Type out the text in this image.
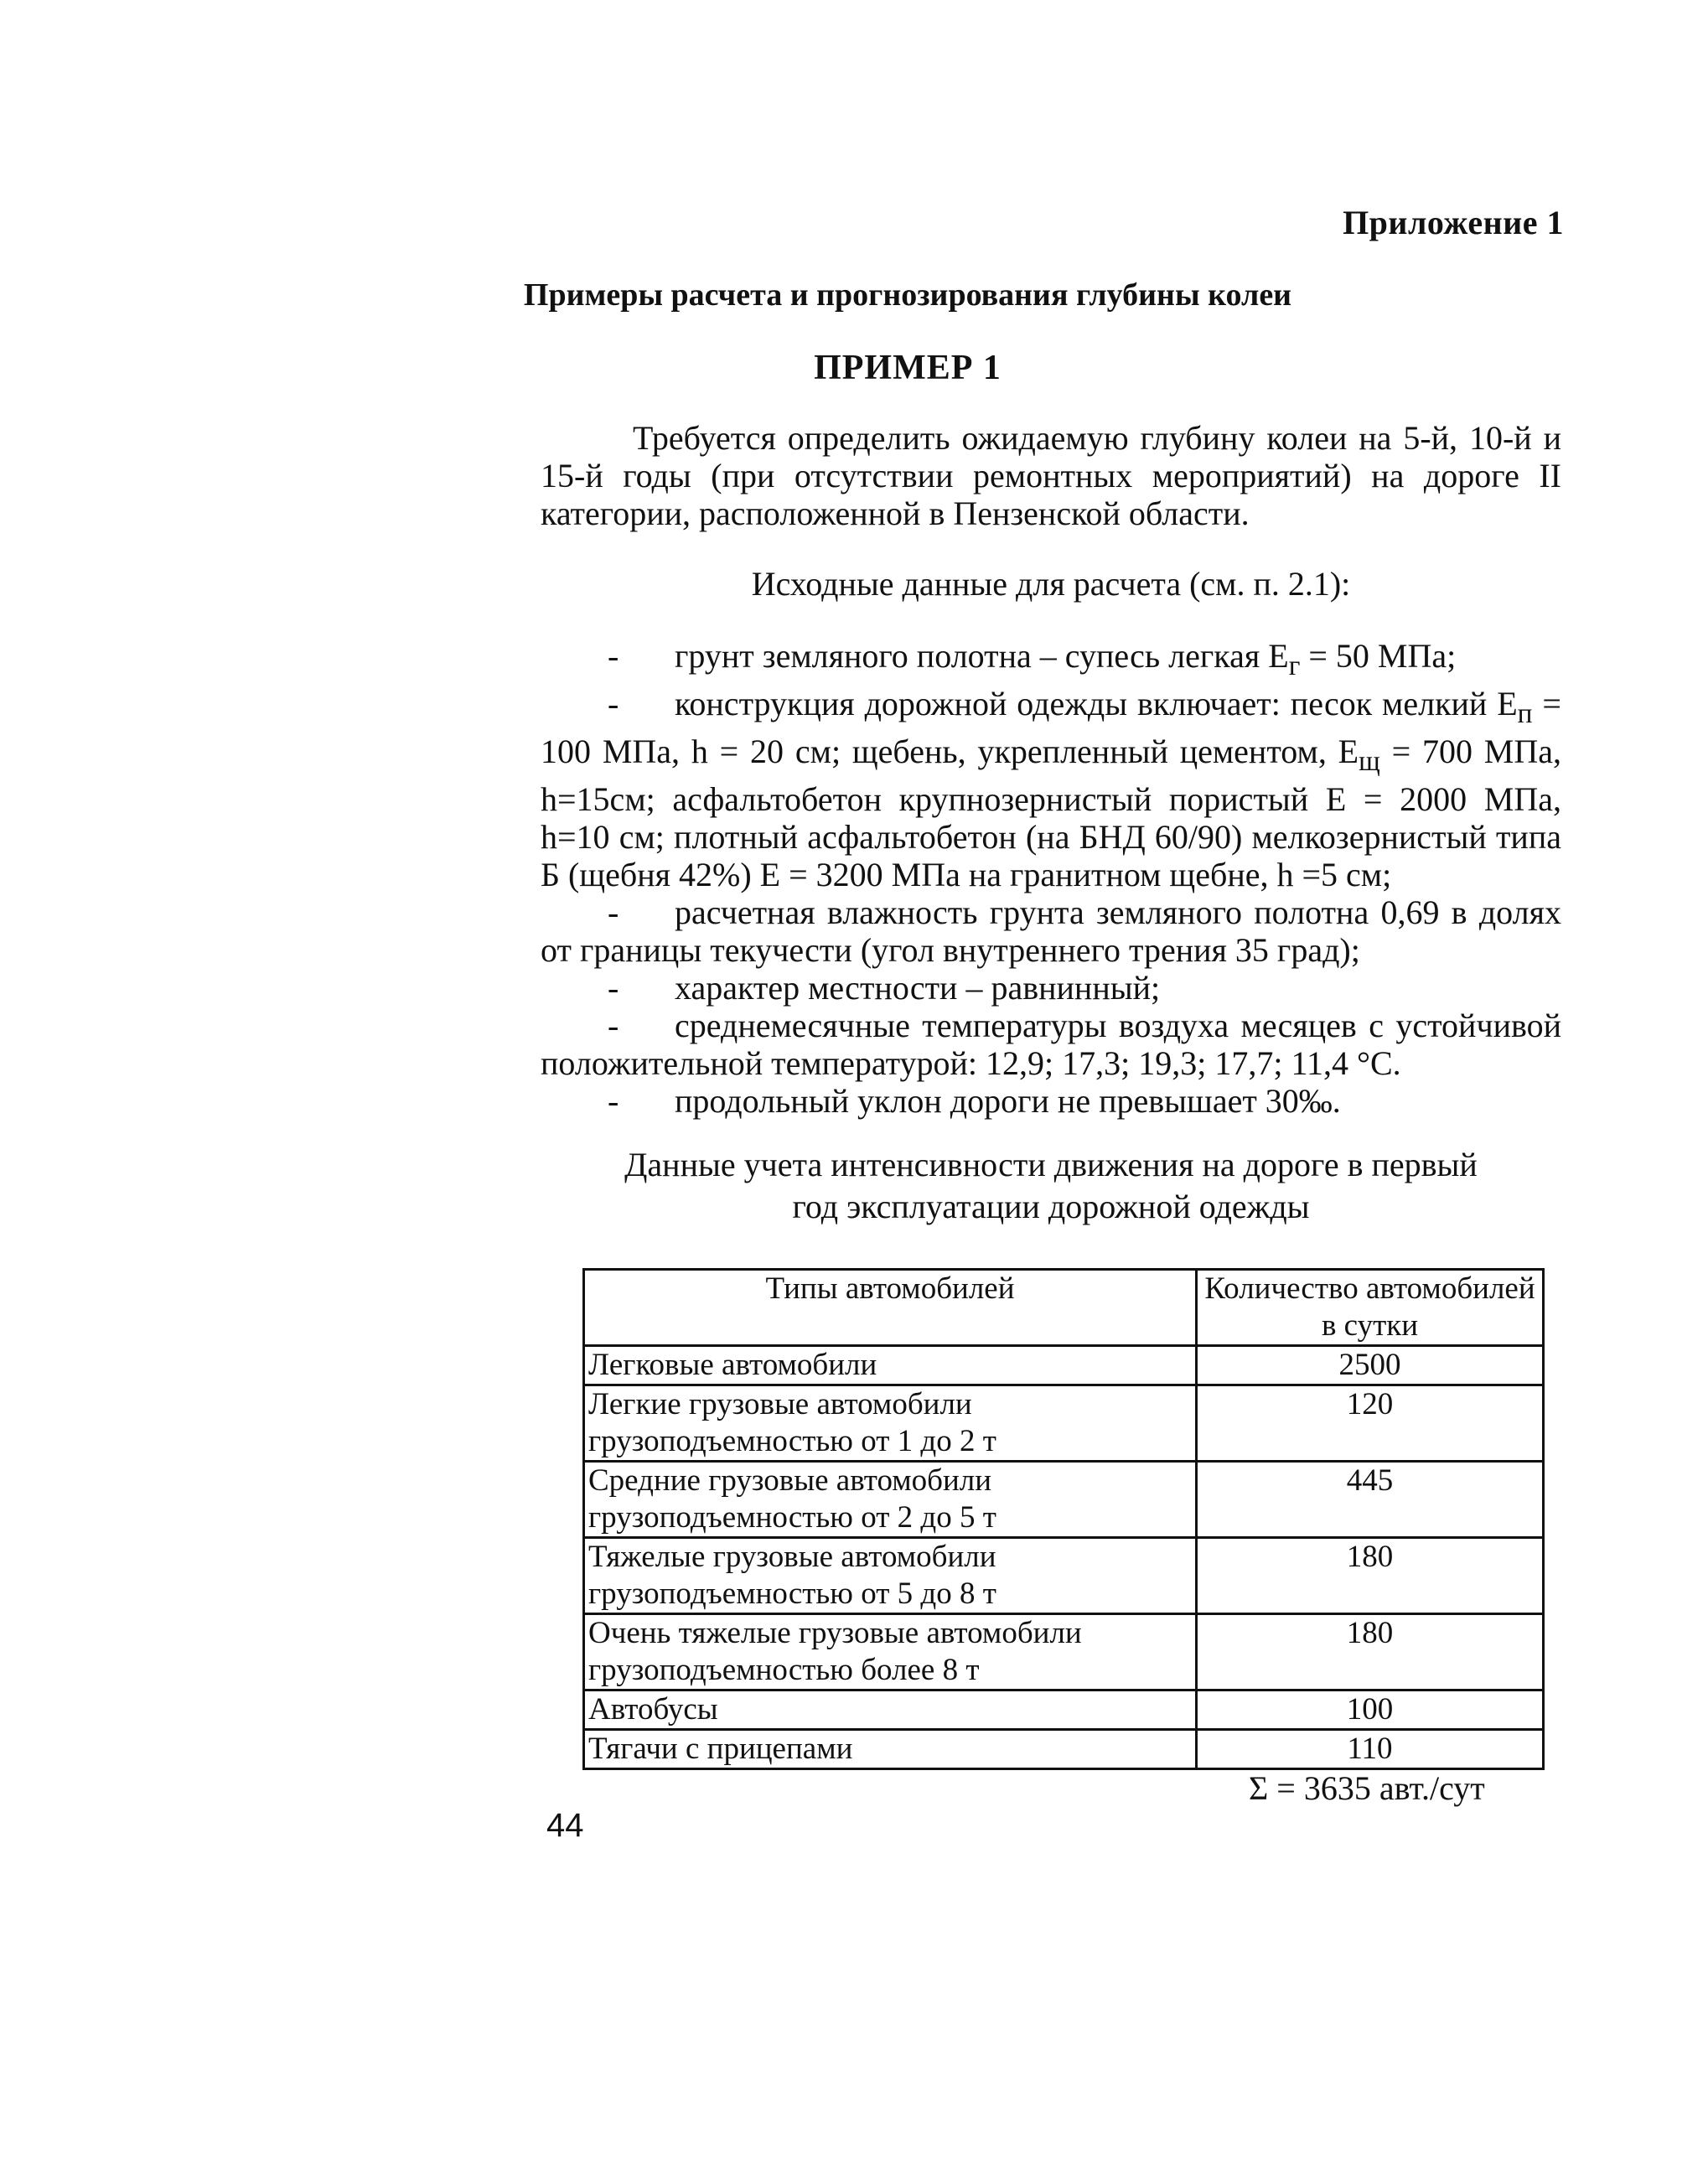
Приложение 1
Примеры расчета и прогнозирования глубины колеи
ПРИМЕР 1

Требуется определить ожидаемую глубину колеи на 5-й, 10-й и 15-й годы (при отсутствии ремонтных мероприятий) на дороге II категории, расположенной в Пензенской области.

Исходные данные для расчета (см. п. 2.1):

- грунт земляного полотна – супесь легкая $E_г = 50$ МПа;

- конструкция дорожной одежды включает: песок мелкий $E_п = 100$ МПа, h = 20 см; щебень, укрепленный цементом, $E_щ = 700$ МПа, h=15см; асфальтобетон крупнозернистый пористый E = 2000 МПа, h=10 см; плотный асфальтобетон (на БНД 60/90) мелкозернистый типа Б (щебня 42%) E = 3200 МПа на гранитном щебне, h =5 см;

- расчетная влажность грунта земляного полотна 0,69 в долях от границы текучести (угол внутреннего трения 35 град);

- характер местности – равнинный;

- среднемесячные температуры воздуха месяцев с устойчивой положительной температурой: 12,9; 17,3; 19,3; 17,7; 11,4 °С.

- продольный уклон дороги не превышает 30‰.

Данные учета интенсивности движения на дороге в первый
год эксплуатации дорожной одежды
Типы автомобилей	Количество автомобилей в сутки
Легковые автомобили	2500
Легкие грузовые автомобили грузоподъемностью от 1 до 2 т	120
Средние грузовые автомобили грузоподъемностью от 2 до 5 т	445
Тяжелые грузовые автомобили грузоподъемностью от 5 до 8 т	180
Очень тяжелые грузовые автомобили грузоподъемностью более 8 т	180
Автобусы	100
Тягачи с прицепами	110
Σ = 3635 авт./сут
44
